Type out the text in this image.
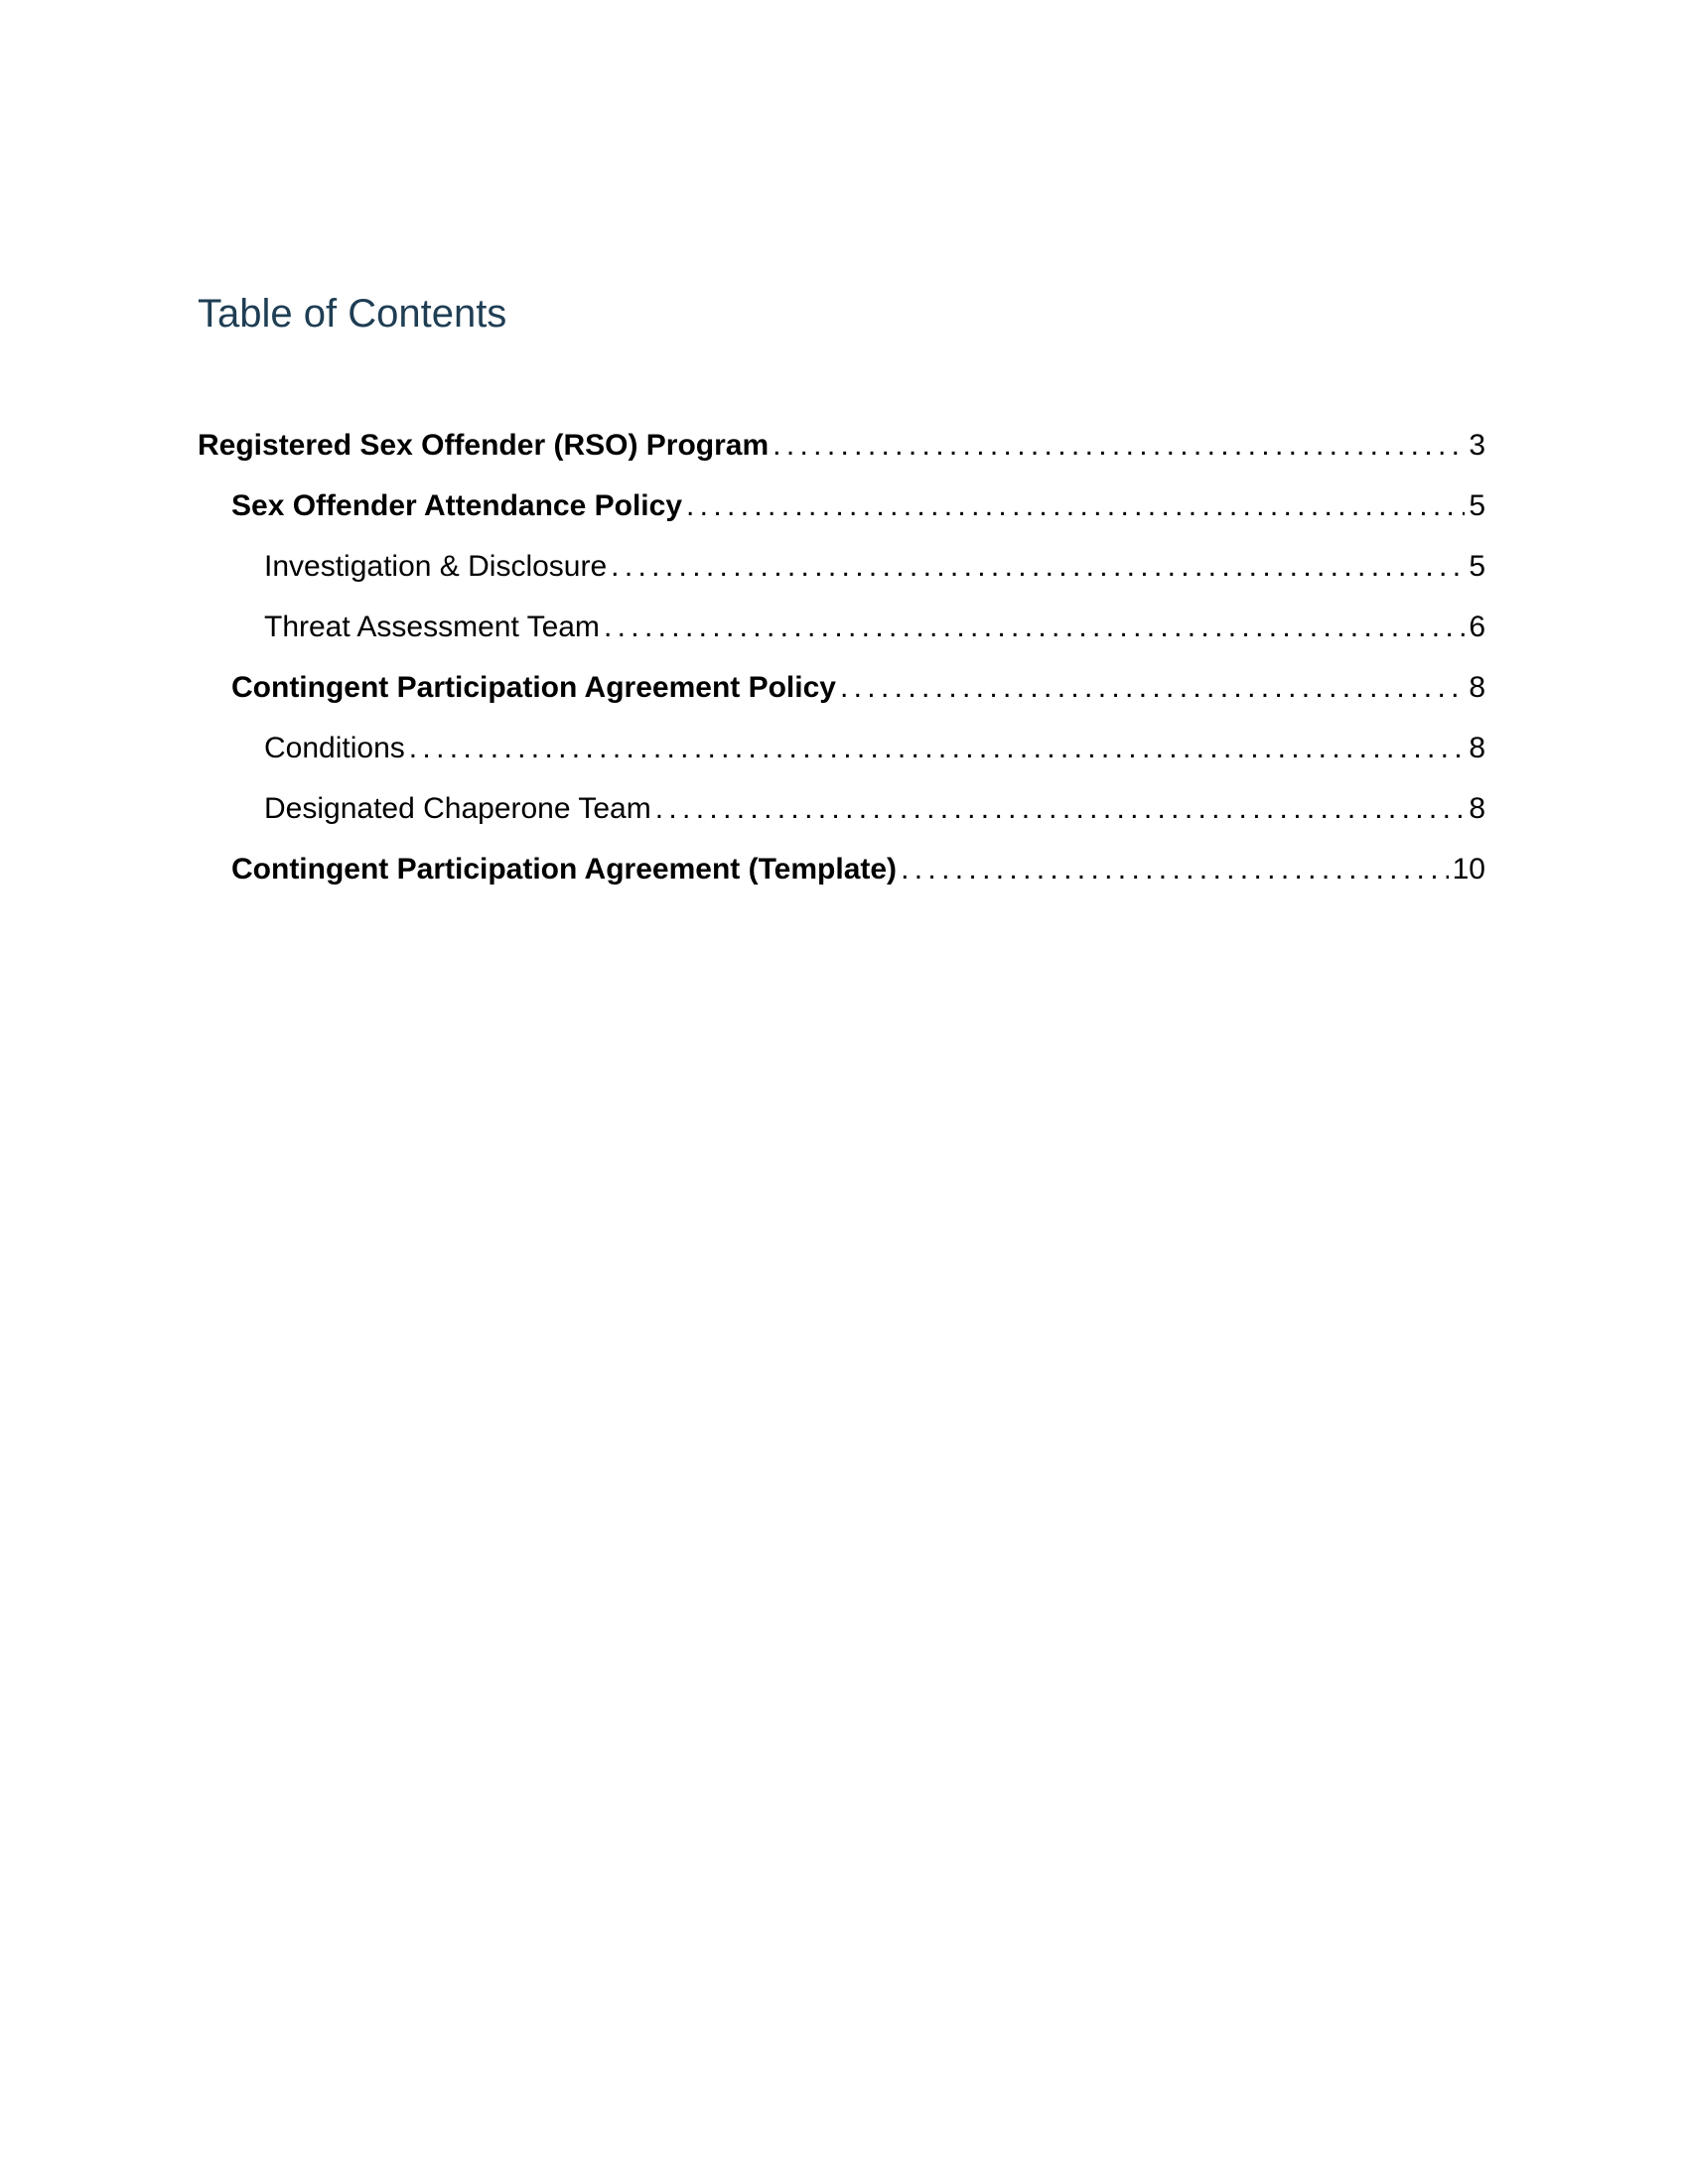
Table of Contents
Registered Sex Offender (RSO) Program . . .	3
Sex Offender Attendance Policy . . .	5
Investigation & Disclosure . . .	5
Threat Assessment Team . . .	6
Contingent Participation Agreement Policy . . .	8
Conditions . . .	8
Designated Chaperone Team . . .	8
Contingent Participation Agreement (Template) . . .	10
